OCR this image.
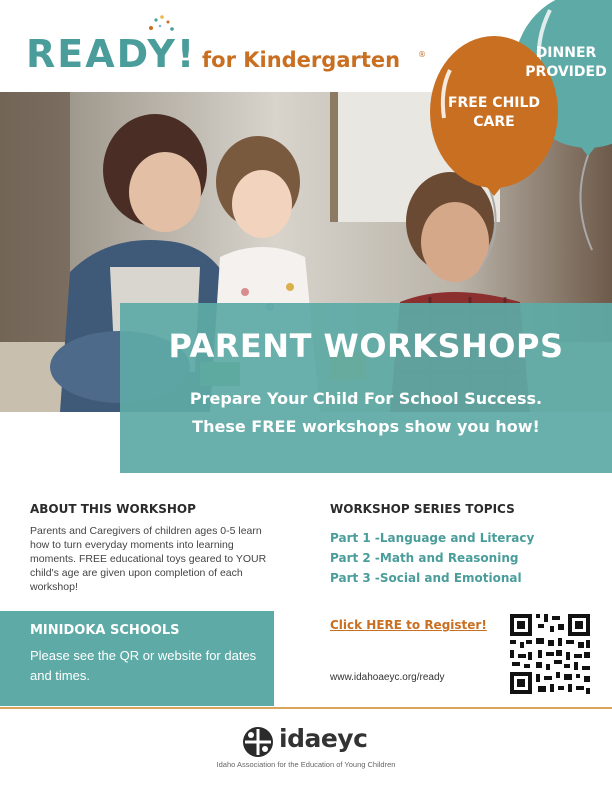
READY! for Kindergarten ®	DINNER PROVIDED
FREE CHILD CARE
PARENT WORKSHOPS
Prepare Your Child For School Success.
These FREE workshops show you how!
ABOUT THIS WORKSHOP
Parents and Caregivers of children ages 0-5 learn how to turn everyday moments into learning moments. FREE educational toys geared to YOUR child's age are given upon completion of each workshop!
WORKSHOP SERIES TOPICS
Part 1 -Language and Literacy
Part 2 -Math and Reasoning
Part 3 -Social and Emotional
MINIDOKA SCHOOLS
Please see the QR or website for dates and times.
Click HERE to Register!
www.idahoaeyc.org/ready
idaeyc
Idaho Association for the Education of Young Children
